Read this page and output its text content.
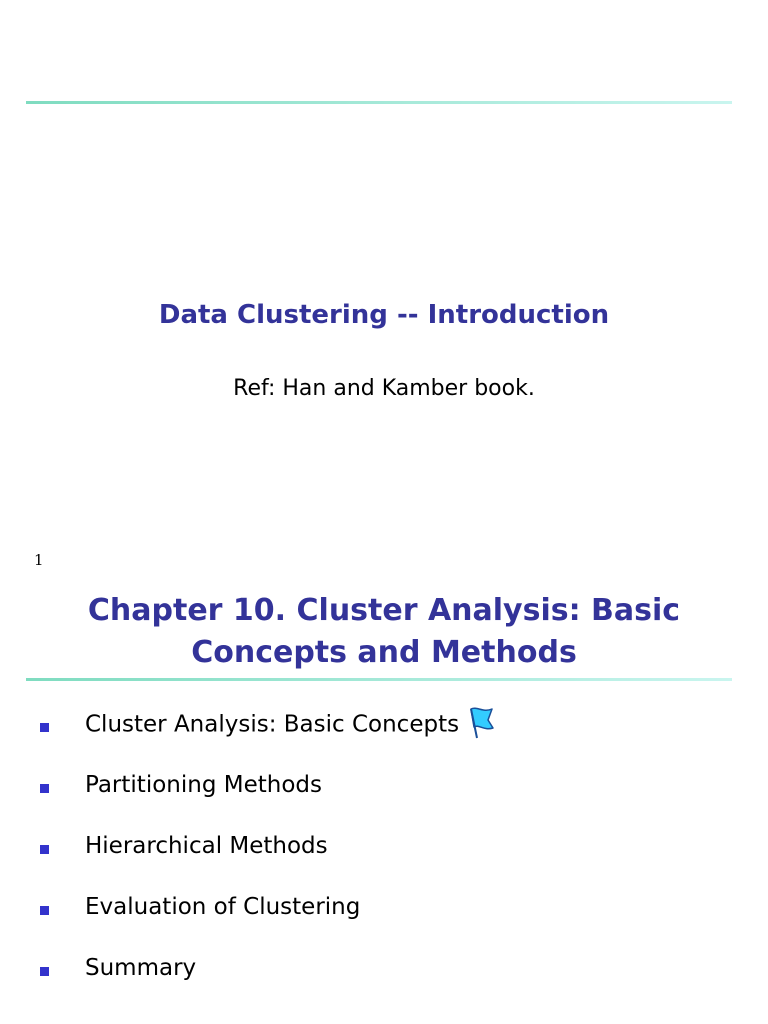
Data Clustering -- Introduction
Ref: Han and Kamber book.
1
Chapter 10. Cluster Analysis: Basic
Concepts and Methods
Cluster Analysis: Basic Concepts
Partitioning Methods
Hierarchical Methods
Evaluation of Clustering
Summary
